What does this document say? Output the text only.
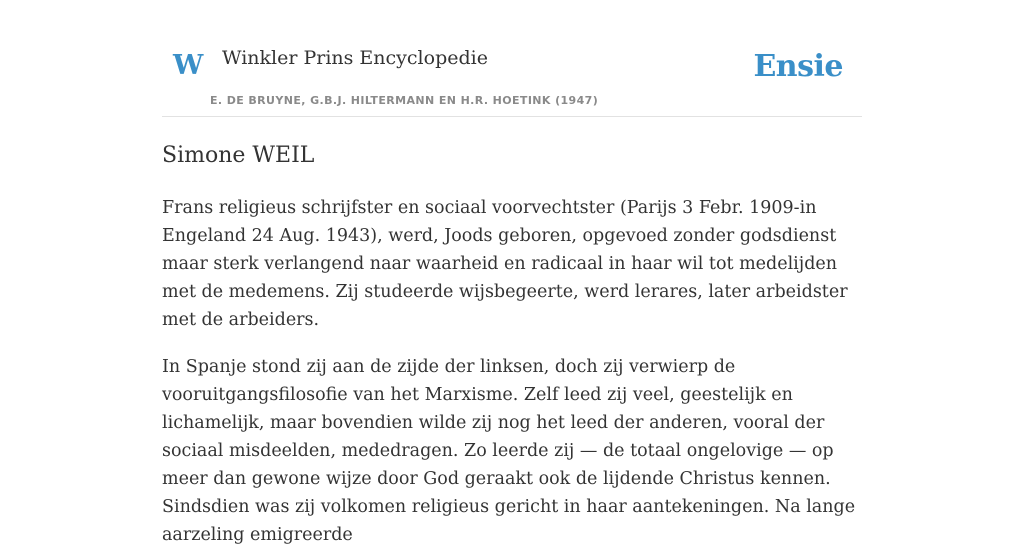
W Winkler Prins Encyclopedie
E. DE BRUYNE, G.B.J. HILTERMANN EN H.R. HOETINK (1947)
Ensie
Simone WEIL

Frans religieus schrijfster en sociaal voorvechtster (Parijs 3 Febr. 1909-in Engeland 24 Aug. 1943), werd, Joods geboren, opgevoed zonder godsdienst maar sterk verlangend naar waarheid en radicaal in haar wil tot medelijden met de medemens. Zij studeerde wijsbegeerte, werd lerares, later arbeidster met de arbeiders.

In Spanje stond zij aan de zijde der linksen, doch zij verwierp de vooruitgangsfilosofie van het Marxisme. Zelf leed zij veel, geestelijk en lichamelijk, maar bovendien wilde zij nog het leed der anderen, vooral der sociaal misdeelden, mededragen. Zo leerde zij — de totaal ongelovige — op meer dan gewone wijze door God geraakt ook de lijdende Christus kennen. Sindsdien was zij volkomen religieus gericht in haar aantekeningen. Na lange aarzeling emigreerde
